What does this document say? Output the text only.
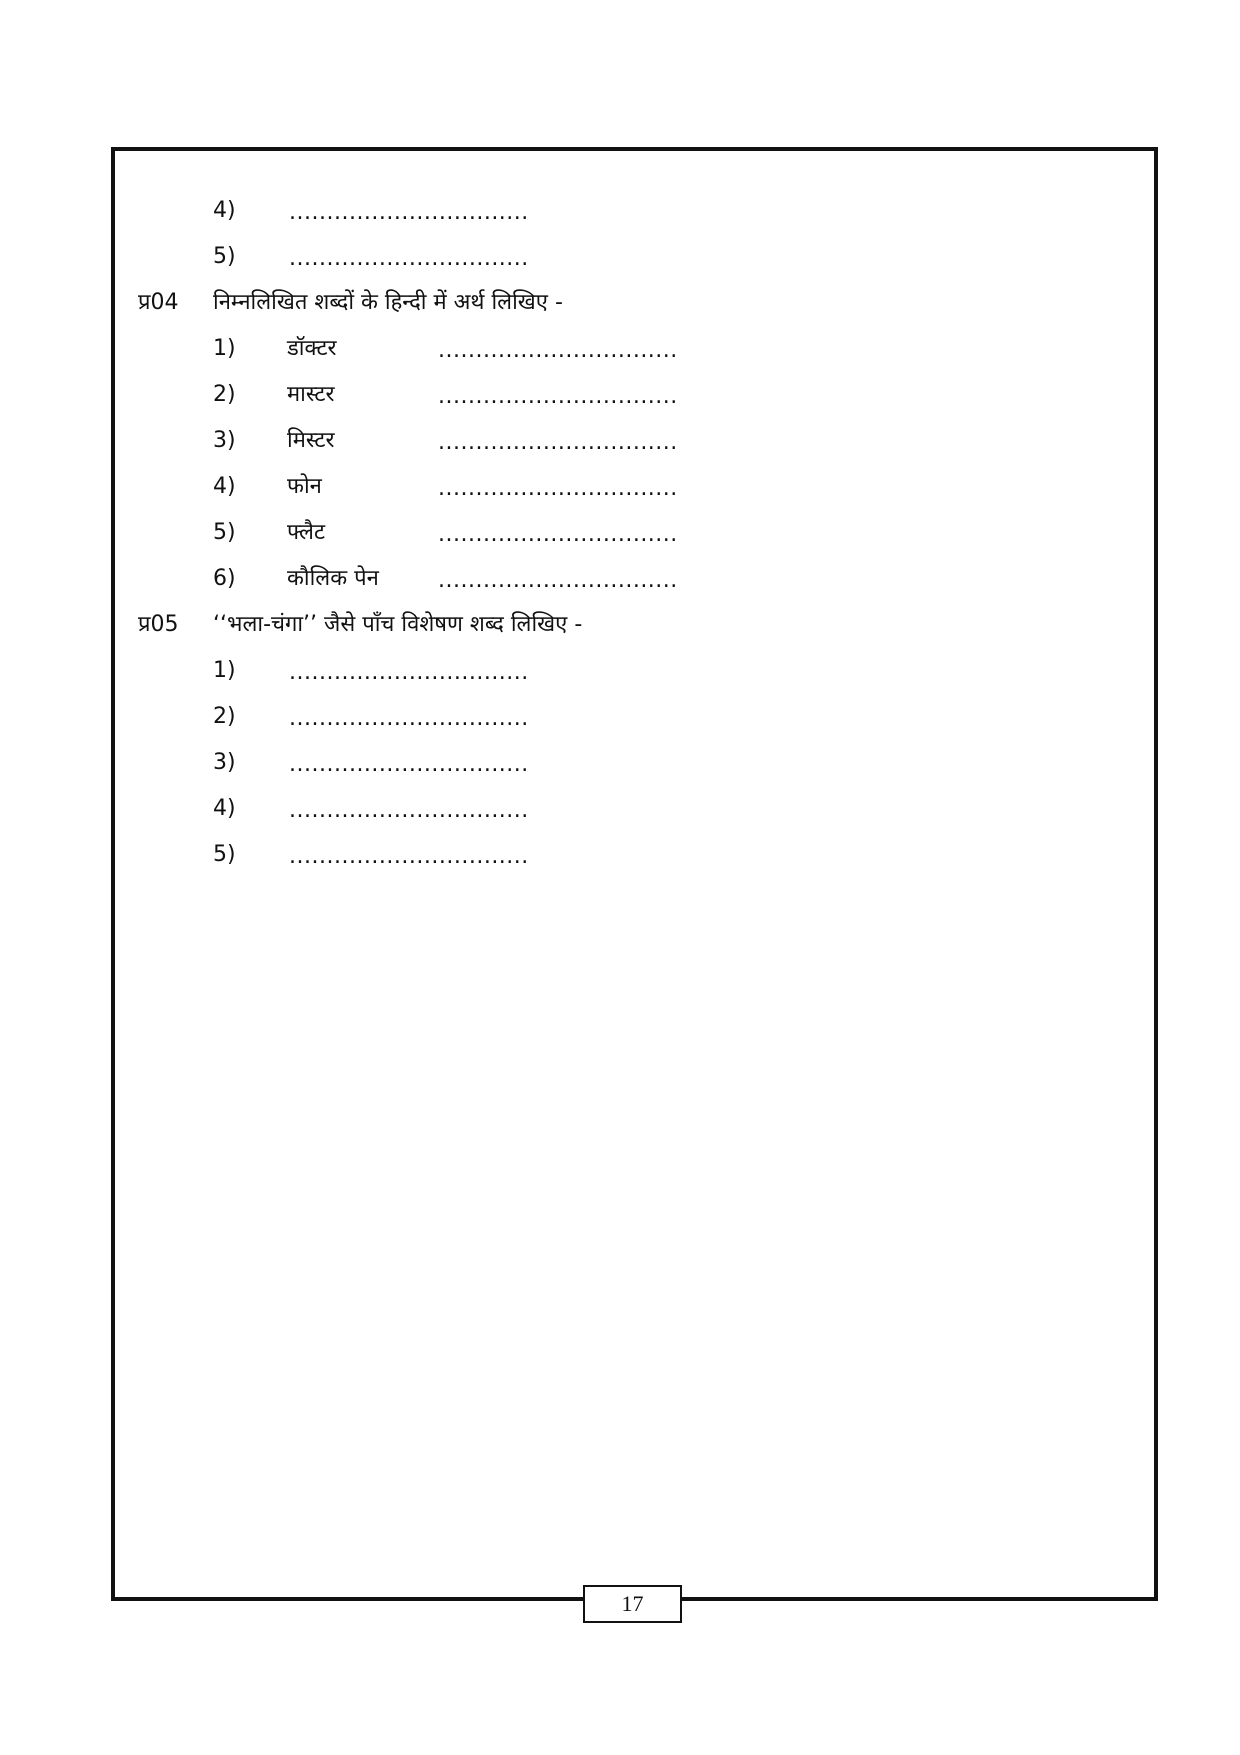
4) ................................
5) ................................
प्र04 निम्नलिखित शब्दों के हिन्दी में अर्थ लिखिए -
1) डॉक्टर	................................
2) मास्टर	................................
3) मिस्टर	................................
4) फोन	................................
5) फ्लैट	................................
6) कौलिक पेन	................................
प्र05 ‘‘भला-चंगा’’ जैसे पाँच विशेषण शब्द लिखिए -
1) ................................
2) ................................
3) ................................
4) ................................
5) ................................
17
